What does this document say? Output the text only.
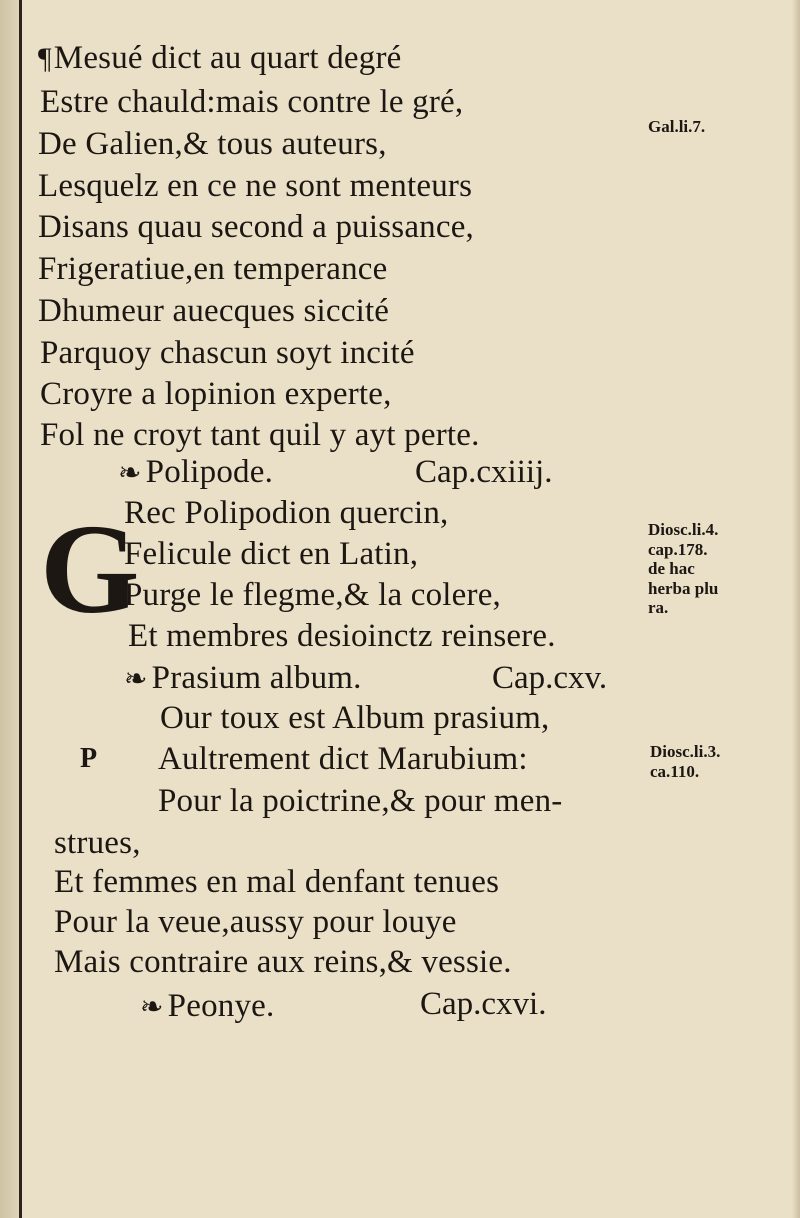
¶Mesué dict au quart degré
Estre chauld:mais contre le gré,
De Galien,& tous auteurs,
Lesquelz en ce ne sont menteurs
Disans quau second a puissance,
Frigeratiue,en temperance
Dhumeur auecques siccité
Parquoy chascun soyt incité
Croyre a lopinion experte,
Fol ne croyt tant quil y ayt perte.
Gal.li.7.
❧ Polipode.	Cap.cxiiij.
G
Rec Polipodion quercin,
Felicule dict en Latin,
Purge le flegme,& la colere,
Et membres desioinctz reinsere.
Diosc.li.4.
cap.178.
de hac
herba plu
ra.
❧ Prasium album.	Cap.cxv.
Our toux est Album prasium,
P Aultrement dict Marubium:
Pour la poictrine,& pour men-
strues,
Et femmes en mal denfant tenues
Pour la veue,aussy pour louye
Mais contraire aux reins,& vessie.
Diosc.li.3.
ca.110.
❧ Peonye.	Cap.cxvi.
